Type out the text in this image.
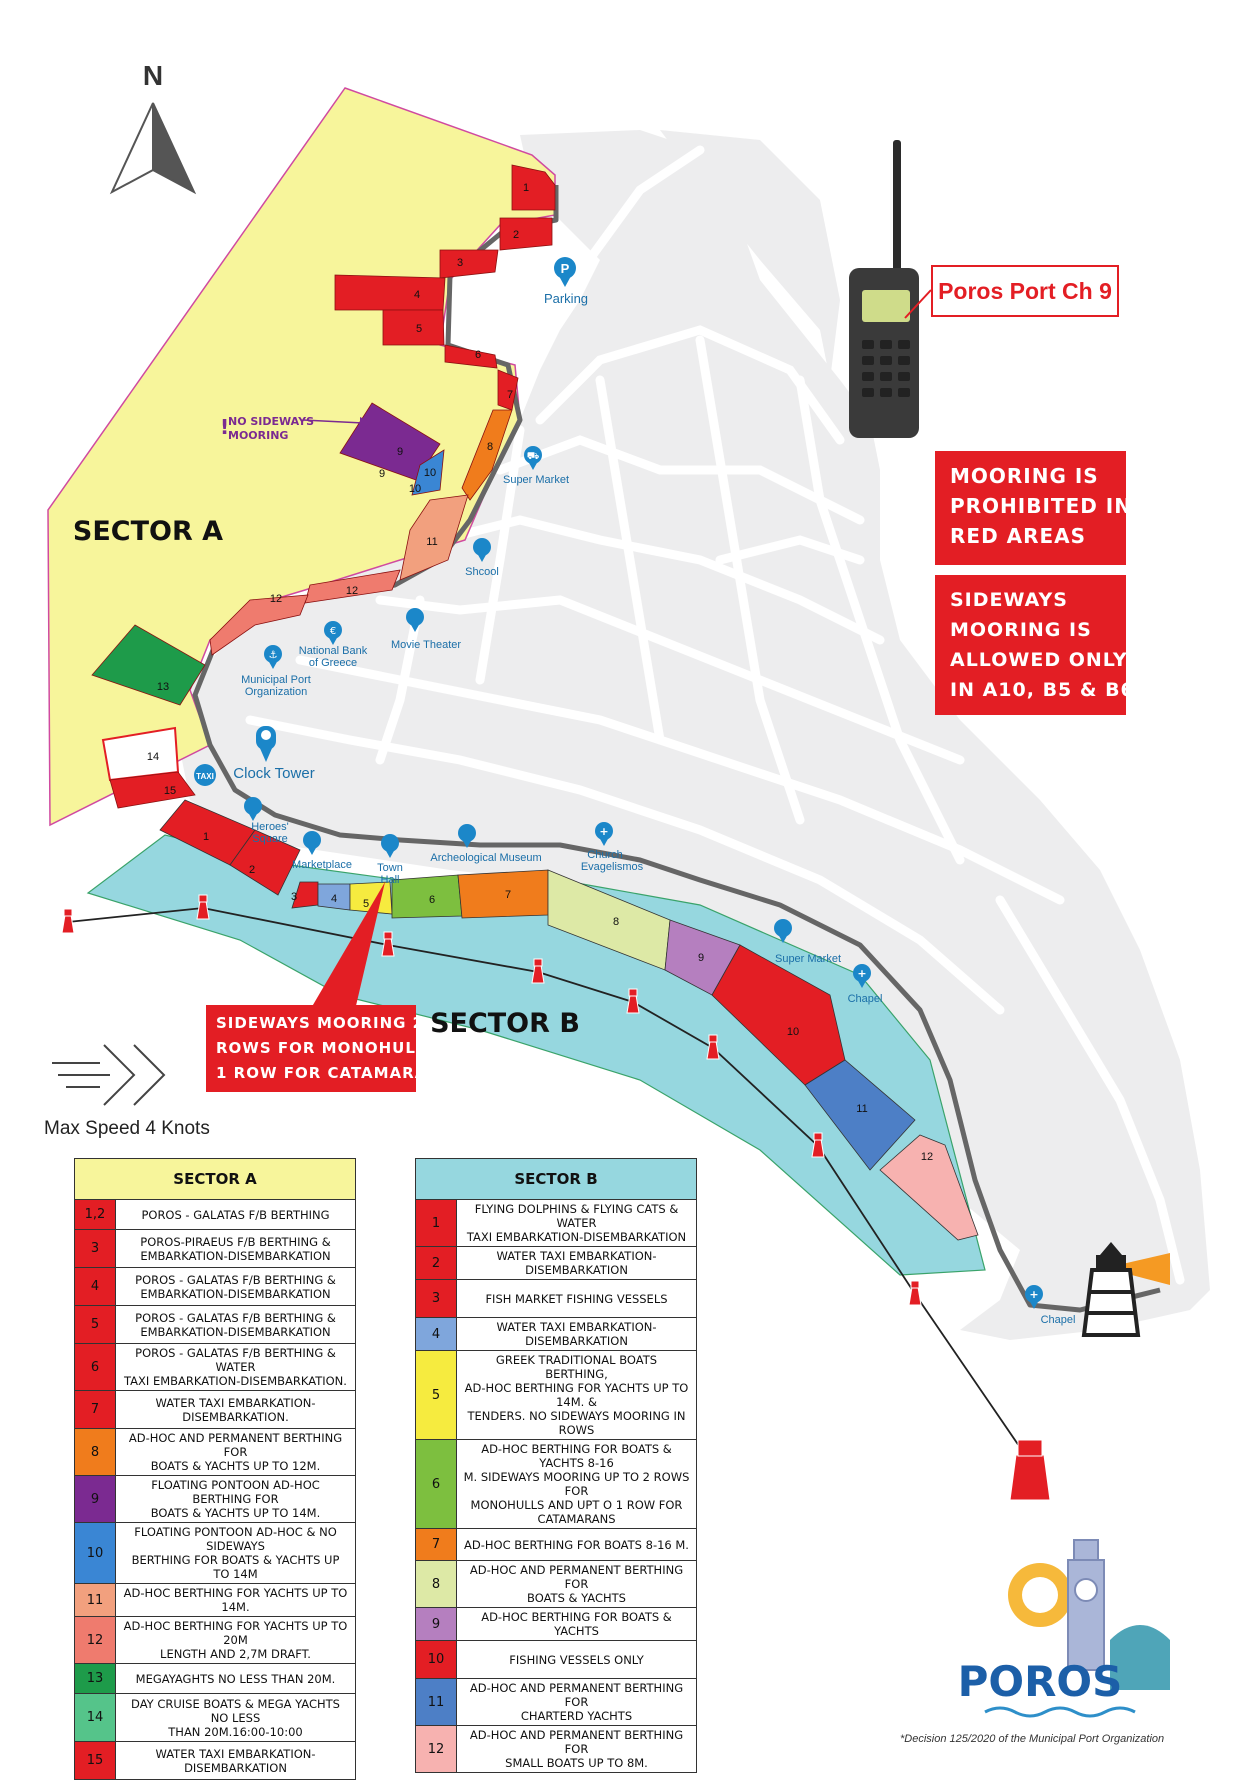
1
2
3
4
5
6
7
8
9
9	10
10
11
12
12
13
14
15
1
2
3	4 5	6	7
8
9
10
11
12
N
SECTOR A
SECTOR B
!
NO SIDEWAYS
MOORING
P
⛟
€
⚓
TAXI
+
+
+
Parking
Super Market
Shcool
National Bank
of Greece
Movie Theater
Municipal Port
Organization
Clock Tower
Heroes'
Square
Marketplace Town
Hall
Archeological Museum	Church
Evagelismos
Super Market
Chapel
Chapel
POROS
Poros Port Ch 9
MOORING IS
PROHIBITED IN
RED AREAS
SIDEWAYS
MOORING IS
ALLOWED ONLY
IN A10, B5 & B6
SIDEWAYS MOORING 2
ROWS FOR MONOHULLS
1 ROW FOR CATAMARANS
Max Speed 4 Knots
SECTOR A	
1,2	POROS - GALATAS F/B BERTHING

3	POROS-PIRAEUS F/B BERTHING &
EMBARKATION-DISEMBARKATION

4	POROS - GALATAS F/B BERTHING &
EMBARKATION-DISEMBARKATION

5	POROS - GALATAS F/B BERTHING &
EMBARKATION-DISEMBARKATION

6	POROS - GALATAS F/B BERTHING & WATER
TAXI EMBARKATION-DISEMBARKATION.

7	WATER TAXI EMBARKATION-
DISEMBARKATION.

8	AD-HOC AND PERMANENT BERTHING FOR
BOATS & YACHTS UP TO 12M.

9	FLOATING PONTOON AD-HOC BERTHING FOR
BOATS & YACHTS UP TO 14M.

10	FLOATING PONTOON AD-HOC & NO SIDEWAYS
BERTHING FOR BOATS & YACHTS UP TO 14M

11	AD-HOC BERTHING FOR YACHTS UP TO 14M.

12	AD-HOC BERTHING FOR YACHTS UP TO 20M
LENGTH AND 2,7M DRAFT.

13	MEGAYAGHTS NO LESS THAN 20M.

14	DAY CRUISE BOATS & MEGA YACHTS NO LESS
THAN 20M.16:00-10:00

15	WATER TAXI EMBARKATION-DISEMBARKATION
SECTOR B	
1	FLYING DOLPHINS & FLYING CATS & WATER
TAXI EMBARKATION-DISEMBARKATION

2	WATER TAXI EMBARKATION-DISEMBARKATION

3	FISH MARKET FISHING VESSELS

4	WATER TAXI EMBARKATION-DISEMBARKATION

5	GREEK TRADITIONAL BOATS BERTHING,
AD-HOC BERTHING FOR YACHTS UP TO 14M. &
TENDERS. NO SIDEWAYS MOORING IN ROWS

6	AD-HOC BERTHING FOR BOATS & YACHTS 8-16
M. SIDEWAYS MOORING UP TO 2 ROWS FOR
MONOHULLS AND UPT O 1 ROW FOR
CATAMARANS

7	AD-HOC BERTHING FOR BOATS 8-16 M.

8	AD-HOC AND PERMANENT BERTHING FOR
BOATS & YACHTS

9	AD-HOC BERTHING FOR BOATS & YACHTS

10	FISHING VESSELS ONLY

11	AD-HOC AND PERMANENT BERTHING FOR
CHARTERD YACHTS

12	AD-HOC AND PERMANENT BERTHING FOR
SMALL BOATS UP TO 8M.
*Decision 125/2020 of the Municipal Port Organization
